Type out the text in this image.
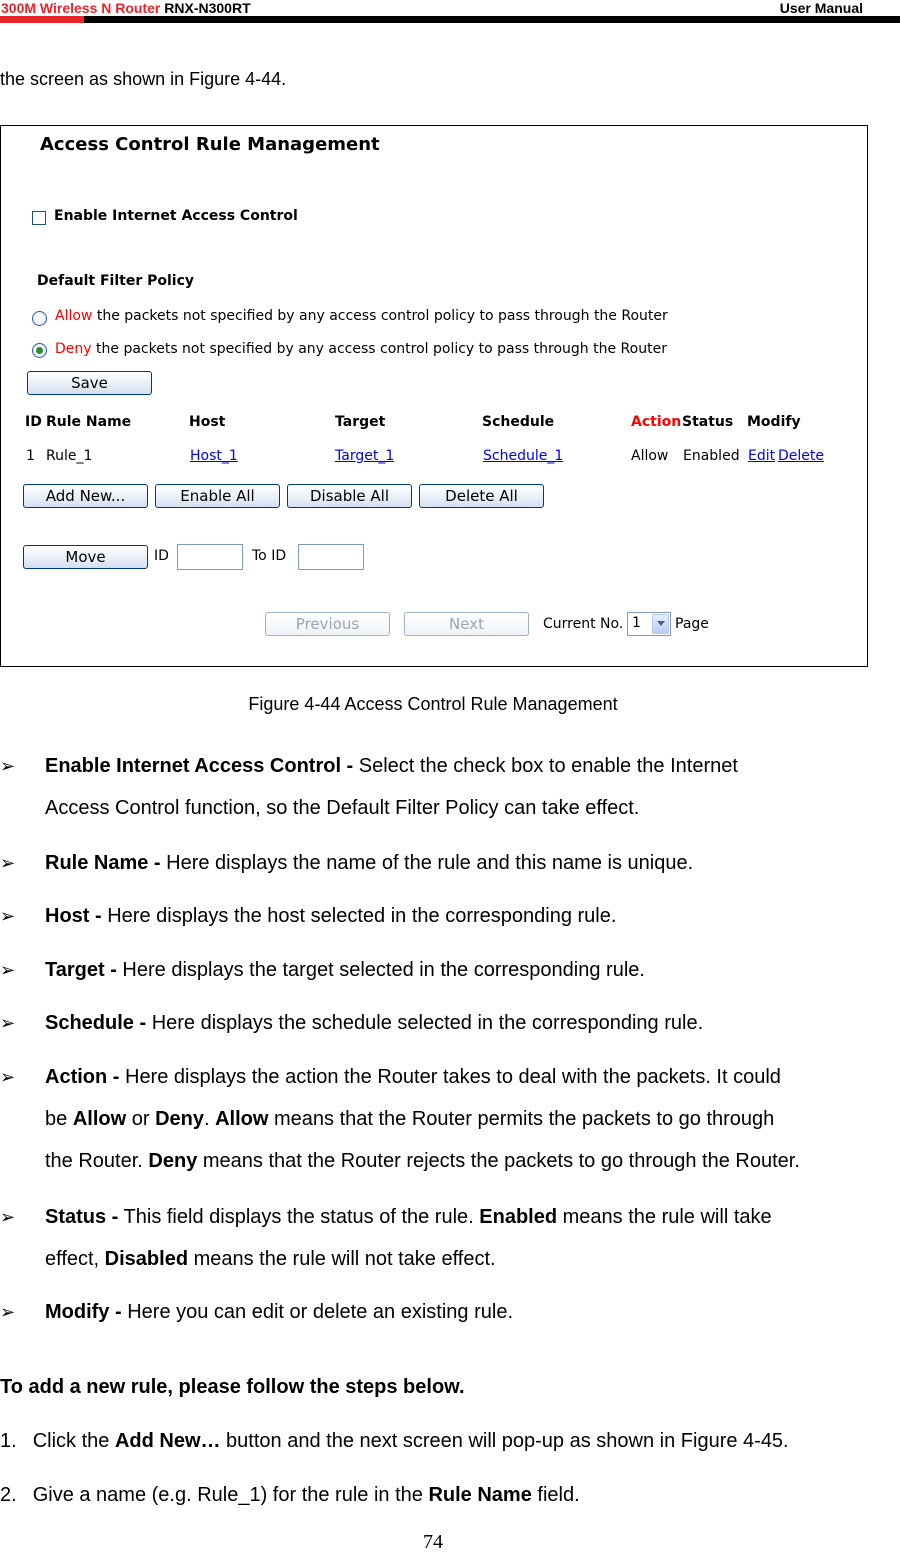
300M Wireless N Router RNX-N300RT	User Manual
the screen as shown in Figure 4-44.
Access Control Rule Management
Enable Internet Access Control
Default Filter Policy
Allow the packets not specified by any access control policy to pass through the Router
Deny the packets not specified by any access control policy to pass through the Router
Save
ID Rule Name	Host	Target	Schedule	Action Status Modify
1 Rule_1	Host_1	Target_1	Schedule_1	Allow Enabled Edit Delete
Add New...	Enable All	Disable All	Delete All
Move	ID	To ID
Previous	Next	Current No. 1 Page
Figure 4-44 Access Control Rule Management
➢ Enable Internet Access Control - Select the check box to enable the Internet
Access Control function, so the Default Filter Policy can take effect.
➢ Rule Name - Here displays the name of the rule and this name is unique.
➢ Host - Here displays the host selected in the corresponding rule.
➢ Target - Here displays the target selected in the corresponding rule.
➢ Schedule - Here displays the schedule selected in the corresponding rule.
➢ Action - Here displays the action the Router takes to deal with the packets. It could
be Allow or Deny. Allow means that the Router permits the packets to go through
the Router. Deny means that the Router rejects the packets to go through the Router.
➢ Status - This field displays the status of the rule. Enabled means the rule will take
effect, Disabled means the rule will not take effect.
➢ Modify - Here you can edit or delete an existing rule.
To add a new rule, please follow the steps below.
1. Click the Add New… button and the next screen will pop-up as shown in Figure 4-45.
2. Give a name (e.g. Rule_1) for the rule in the Rule Name field.
74
